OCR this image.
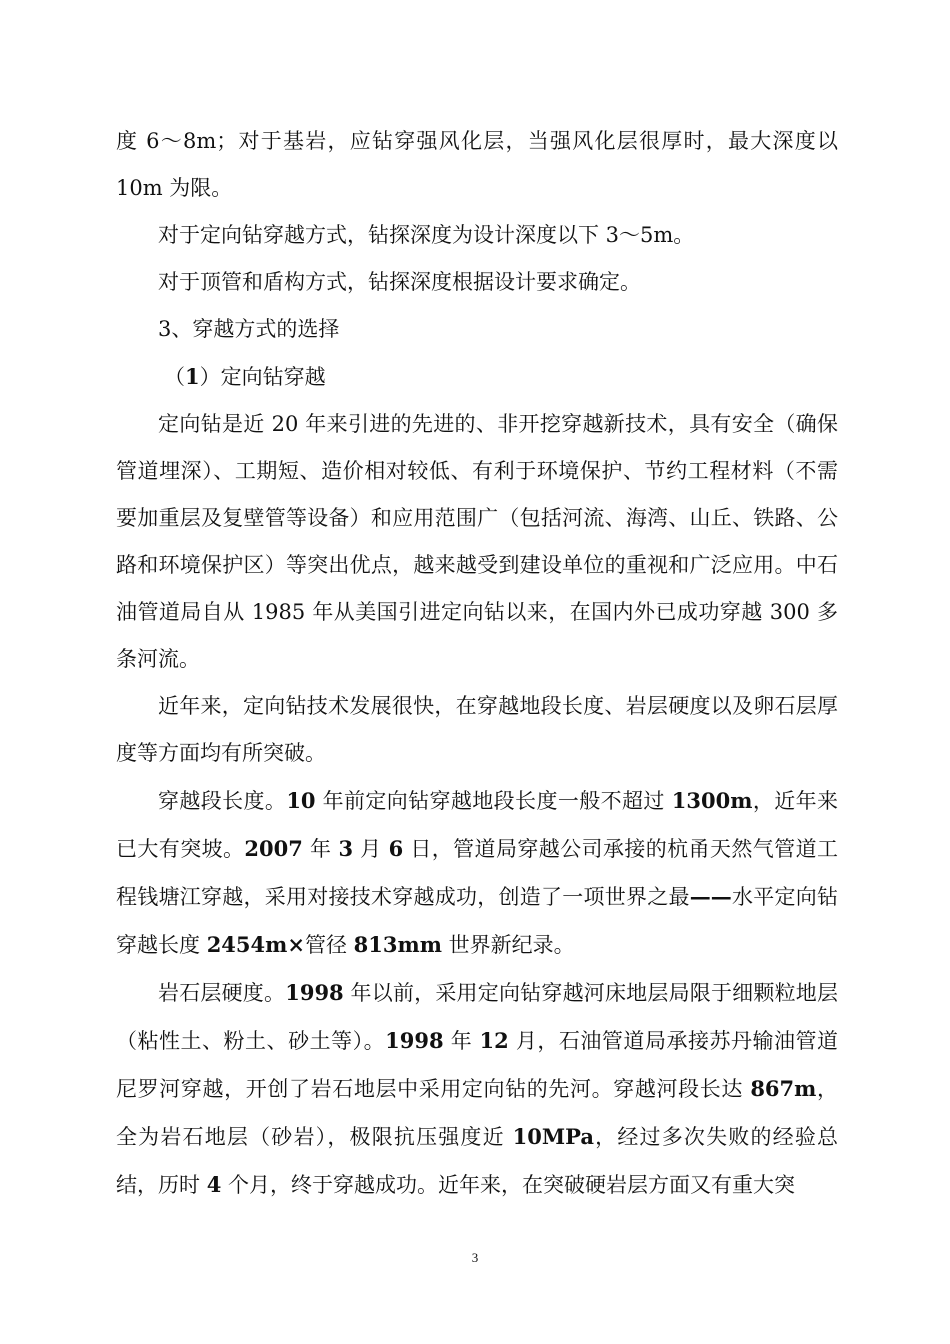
度 6～8m；对于基岩，应钻穿强风化层，当强风化层很厚时，最大深度以 10m 为限。

对于定向钻穿越方式，钻探深度为设计深度以下 3～5m。

对于顶管和盾构方式，钻探深度根据设计要求确定。

3、穿越方式的选择

（1）定向钻穿越

定向钻是近 20 年来引进的先进的、非开挖穿越新技术，具有安全（确保管道埋深）、工期短、造价相对较低、有利于环境保护、节约工程材料（不需要加重层及复壁管等设备）和应用范围广（包括河流、海湾、山丘、铁路、公路和环境保护区）等突出优点，越来越受到建设单位的重视和广泛应用。中石油管道局自从 1985 年从美国引进定向钻以来，在国内外已成功穿越 300 多条河流。

近年来，定向钻技术发展很快，在穿越地段长度、岩层硬度以及卵石层厚度等方面均有所突破。

穿越段长度。10 年前定向钻穿越地段长度一般不超过 1300m，近年来已大有突坡。2007 年 3 月 6 日，管道局穿越公司承接的杭甬天然气管道工程钱塘江穿越，采用对接技术穿越成功，创造了一项世界之最——水平定向钻穿越长度 2454m×管径 813mm 世界新纪录。

岩石层硬度。1998 年以前，采用定向钻穿越河床地层局限于细颗粒地层（粘性土、粉土、砂土等）。1998 年 12 月，石油管道局承接苏丹输油管道尼罗河穿越，开创了岩石地层中采用定向钻的先河。穿越河段长达 867m，全为岩石地层（砂岩），极限抗压强度近 10MPa，经过多次失败的经验总结，历时 4 个月，终于穿越成功。近年来，在突破硬岩层方面又有重大突

3
